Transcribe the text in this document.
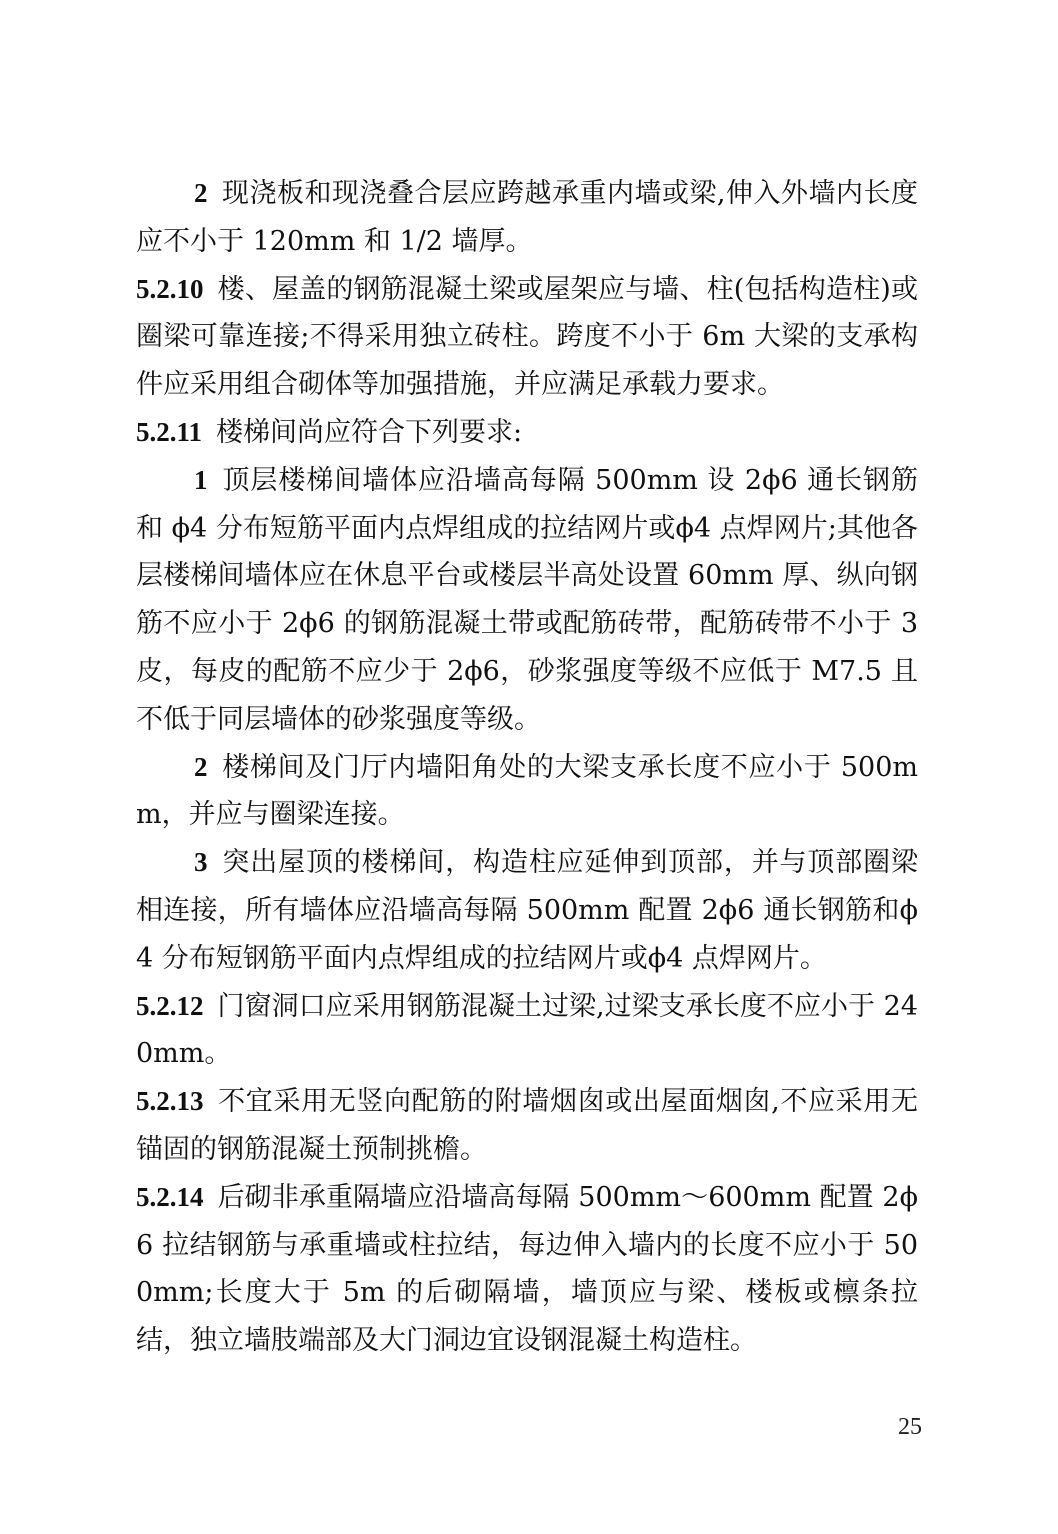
2 现浇板和现浇叠合层应跨越承重内墙或梁,伸入外墙内长度应不小于 120mm 和 1/2 墙厚。

5.2.10 楼、屋盖的钢筋混凝土梁或屋架应与墙、柱(包括构造柱)或圈梁可靠连接;不得采用独立砖柱。跨度不小于 6m 大梁的支承构件应采用组合砌体等加强措施，并应满足承载力要求。

5.2.11 楼梯间尚应符合下列要求:

1 顶层楼梯间墙体应沿墙高每隔 500mm 设 2ϕ6 通长钢筋和 ϕ4 分布短筋平面内点焊组成的拉结网片或ϕ4 点焊网片;其他各层楼梯间墙体应在休息平台或楼层半高处设置 60mm 厚、纵向钢筋不应小于 2ϕ6 的钢筋混凝土带或配筋砖带，配筋砖带不小于 3 皮，每皮的配筋不应少于 2ϕ6，砂浆强度等级不应低于 M7.5 且不低于同层墙体的砂浆强度等级。

2 楼梯间及门厅内墙阳角处的大梁支承长度不应小于 500mm，并应与圈梁连接。

3 突出屋顶的楼梯间，构造柱应延伸到顶部，并与顶部圈梁相连接，所有墙体应沿墙高每隔 500mm 配置 2ϕ6 通长钢筋和ϕ4 分布短钢筋平面内点焊组成的拉结网片或ϕ4 点焊网片。

5.2.12 门窗洞口应采用钢筋混凝土过梁,过梁支承长度不应小于 240mm。

5.2.13 不宜采用无竖向配筋的附墙烟囱或出屋面烟囱,不应采用无锚固的钢筋混凝土预制挑檐。

5.2.14 后砌非承重隔墙应沿墙高每隔 500mm～600mm 配置 2ϕ6 拉结钢筋与承重墙或柱拉结，每边伸入墙内的长度不应小于 500mm;长度大于 5m 的后砌隔墙，墙顶应与梁、楼板或檩条拉结，独立墙肢端部及大门洞边宜设钢混凝土构造柱。

25
